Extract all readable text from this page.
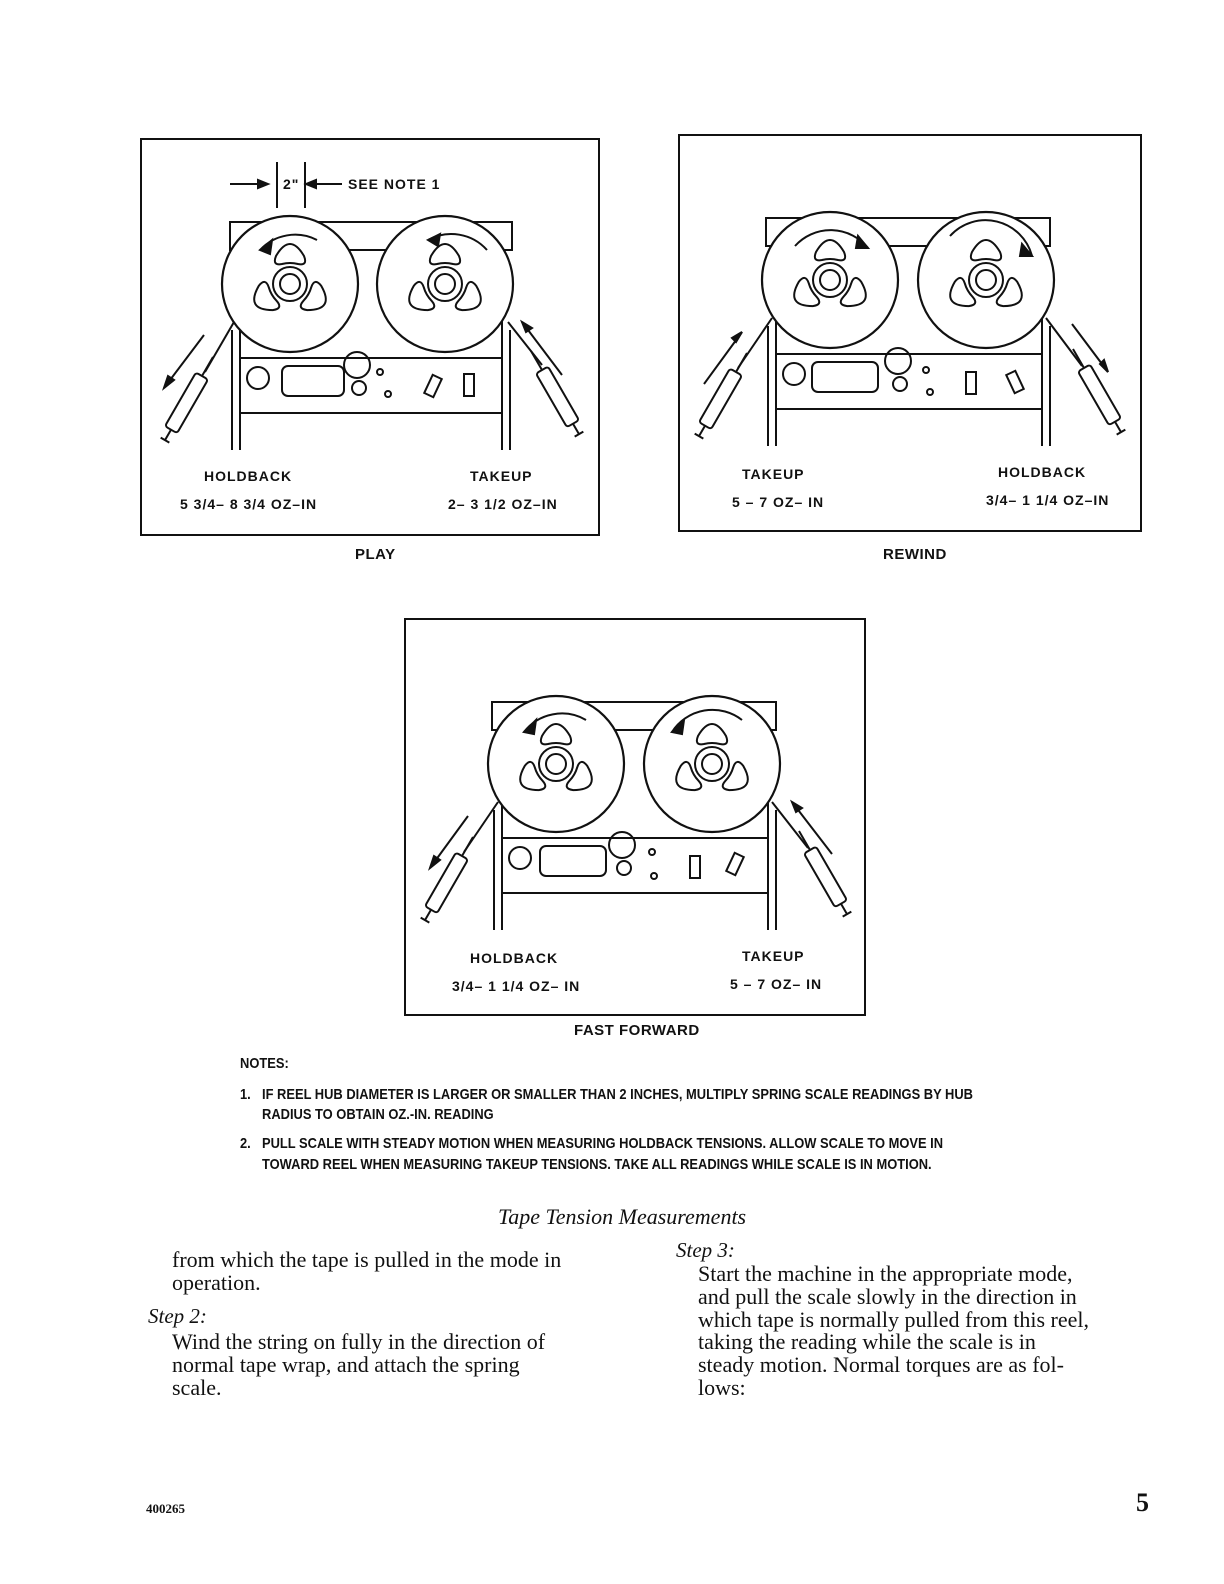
2"	SEE NOTE 1
HOLDBACK
5 3/4– 8 3/4 OZ–IN
TAKEUP
2– 3 1/2 OZ–IN
PLAY
TAKEUP
5 – 7 OZ– IN
HOLDBACK
3/4– 1 1/4 OZ–IN
REWIND
HOLDBACK
3/4– 1 1/4 OZ– IN
TAKEUP
5 – 7 OZ– IN
FAST FORWARD
NOTES:
1. IF REEL HUB DIAMETER IS LARGER OR SMALLER THAN 2 INCHES, MULTIPLY SPRING SCALE READINGS BY HUB
RADIUS TO OBTAIN OZ.-IN. READING
2. PULL SCALE WITH STEADY MOTION WHEN MEASURING HOLDBACK TENSIONS. ALLOW SCALE TO MOVE IN
TOWARD REEL WHEN MEASURING TAKEUP TENSIONS. TAKE ALL READINGS WHILE SCALE IS IN MOTION.
Tape Tension Measurements
from which the tape is pulled in the mode in
operation.
Step 2:
Wind the string on fully in the direction of
normal tape wrap, and attach the spring
scale.
Step 3:
Start the machine in the appropriate mode,
and pull the scale slowly in the direction in
which tape is normally pulled from this reel,
taking the reading while the scale is in
steady motion. Normal torques are as fol-
lows:
400265	5
